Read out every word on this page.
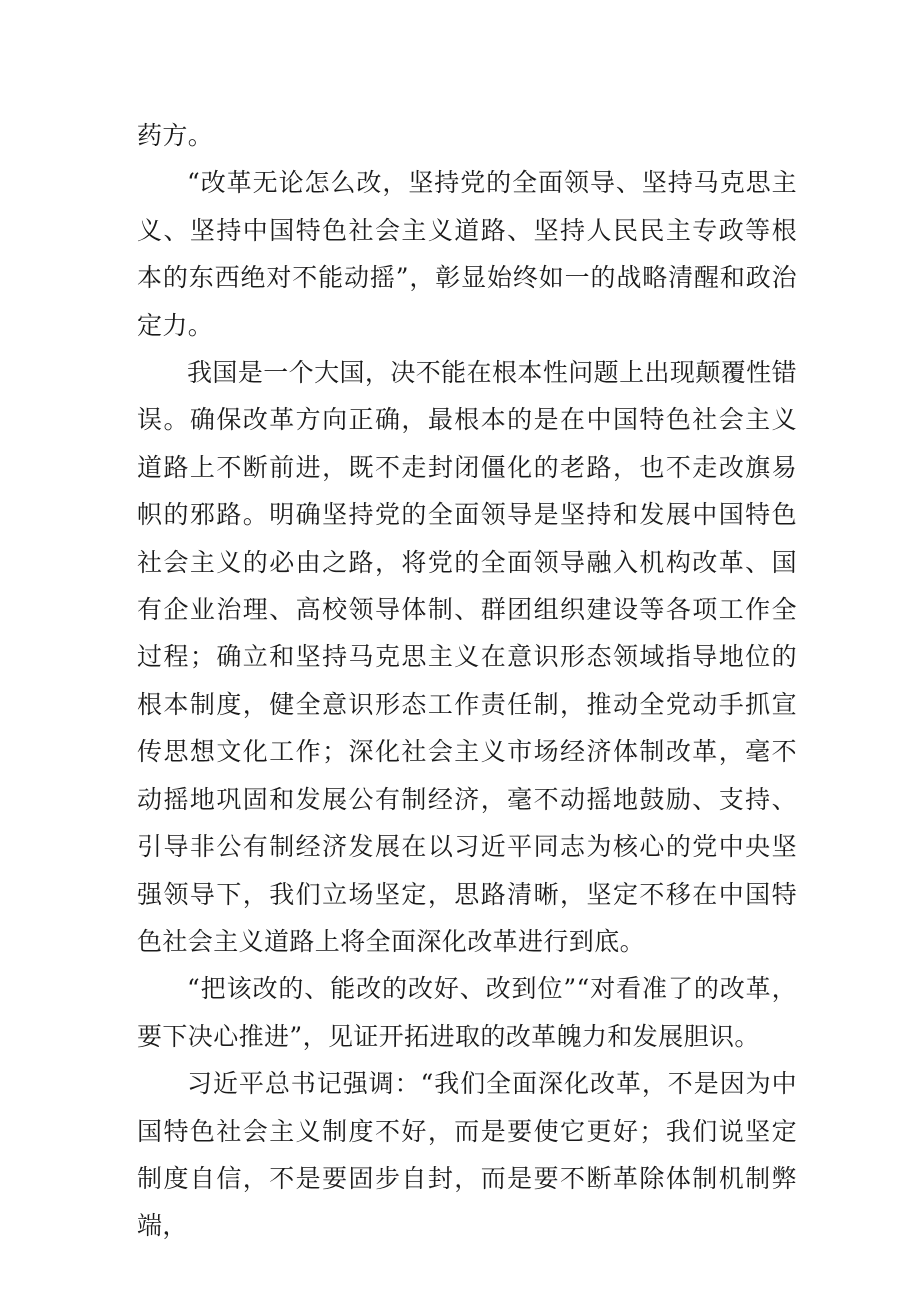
药方。

“改革无论怎么改，坚持党的全面领导、坚持马克思主义、坚持中国特色社会主义道路、坚持人民民主专政等根本的东西绝对不能动摇”，彰显始终如一的战略清醒和政治定力。

我国是一个大国，决不能在根本性问题上出现颠覆性错误。确保改革方向正确，最根本的是在中国特色社会主义道路上不断前进，既不走封闭僵化的老路，也不走改旗易帜的邪路。明确坚持党的全面领导是坚持和发展中国特色社会主义的必由之路，将党的全面领导融入机构改革、国有企业治理、高校领导体制、群团组织建设等各项工作全过程；确立和坚持马克思主义在意识形态领域指导地位的根本制度，健全意识形态工作责任制，推动全党动手抓宣传思想文化工作；深化社会主义市场经济体制改革，毫不动摇地巩固和发展公有制经济，毫不动摇地鼓励、支持、引导非公有制经济发展在以习近平同志为核心的党中央坚强领导下，我们立场坚定，思路清晰，坚定不移在中国特色社会主义道路上将全面深化改革进行到底。

“把该改的、能改的改好、改到位”“对看准了的改革，要下决心推进”，见证开拓进取的改革魄力和发展胆识。

习近平总书记强调：“我们全面深化改革，不是因为中国特色社会主义制度不好，而是要使它更好；我们说坚定制度自信，不是要固步自封，而是要不断革除体制机制弊端，
